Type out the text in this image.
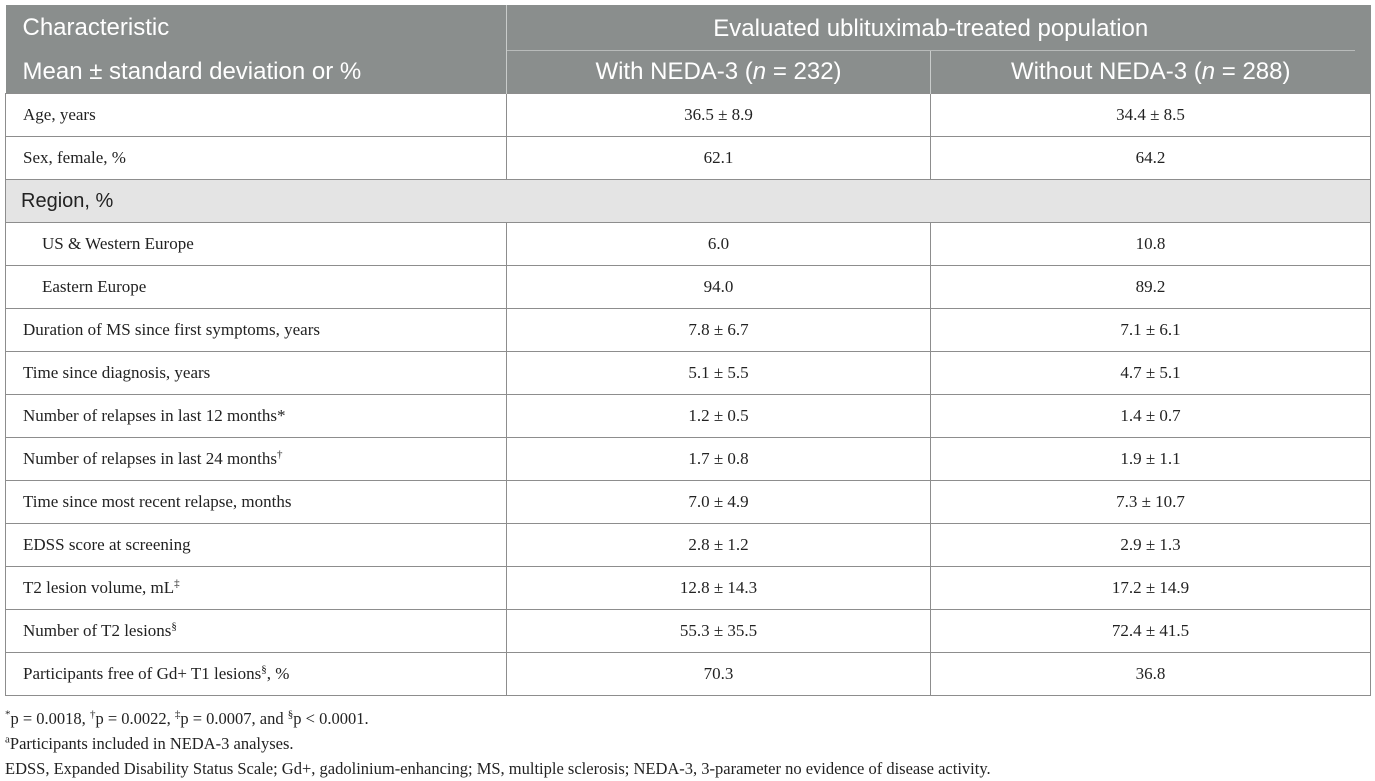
Characteristic	Evaluated ublituximab-treated population	

Mean ± standard deviation or %	With NEDA-3 (n = 232)	Without NEDA-3 (n = 288)
Age, years	36.5 ± 8.9	34.4 ± 8.5
Sex, female, %	62.1	64.2
Region, %		
US & Western Europe	6.0	10.8
Eastern Europe	94.0	89.2
Duration of MS since first symptoms, years	7.8 ± 6.7	7.1 ± 6.1
Time since diagnosis, years	5.1 ± 5.5	4.7 ± 5.1
Number of relapses in last 12 months*	1.2 ± 0.5	1.4 ± 0.7
Number of relapses in last 24 months†	1.7 ± 0.8	1.9 ± 1.1
Time since most recent relapse, months	7.0 ± 4.9	7.3 ± 10.7
EDSS score at screening	2.8 ± 1.2	2.9 ± 1.3
T2 lesion volume, mL‡	12.8 ± 14.3	17.2 ± 14.9
Number of T2 lesions§	55.3 ± 35.5	72.4 ± 41.5
Participants free of Gd+ T1 lesions§, %	70.3	36.8
*p = 0.0018, †p = 0.0022, ‡p = 0.0007, and §p < 0.0001.
$^a$Participants included in NEDA-3 analyses.
EDSS, Expanded Disability Status Scale; Gd+, gadolinium-enhancing; MS, multiple sclerosis; NEDA-3, 3-parameter no evidence of disease activity.
